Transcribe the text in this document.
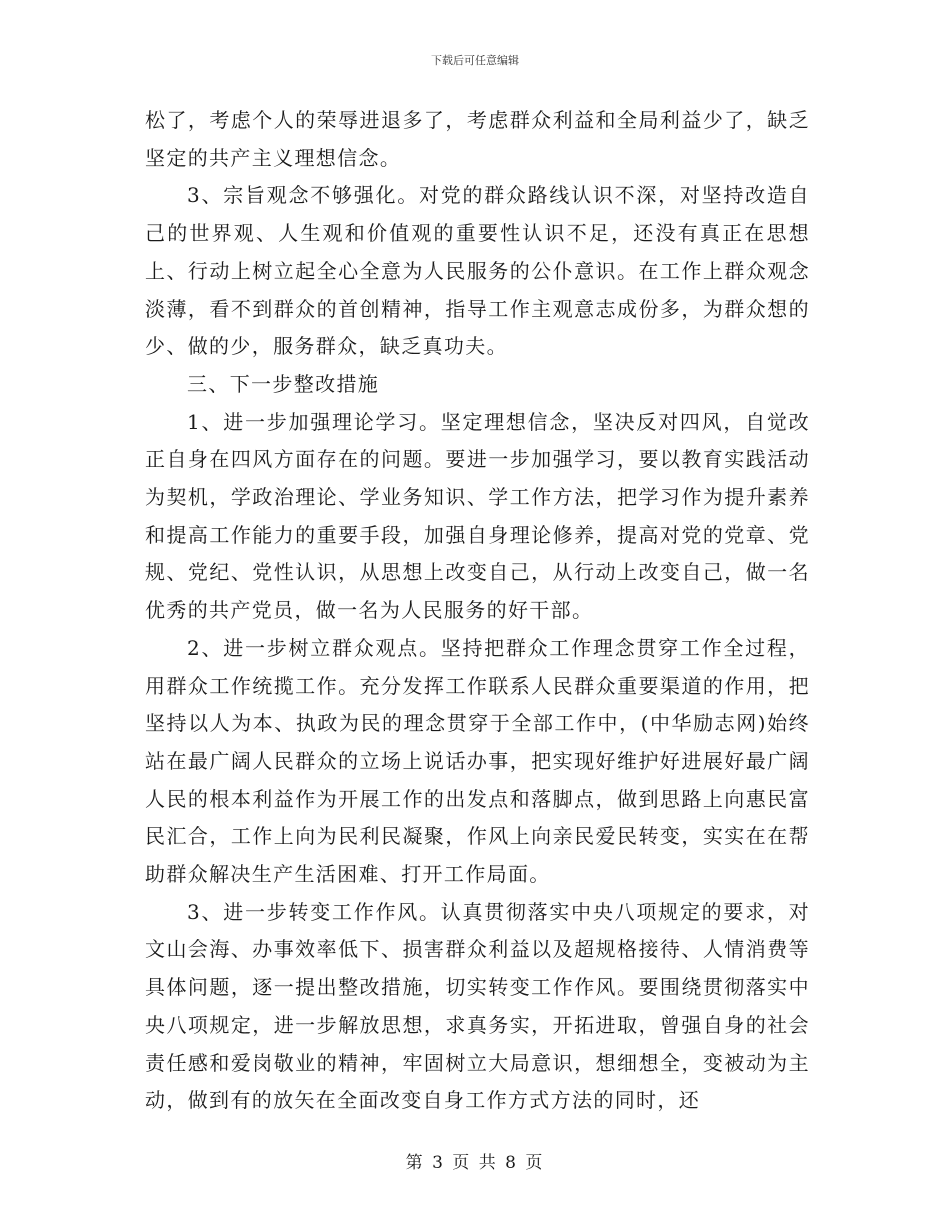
下载后可任意编辑

松了，考虑个人的荣辱进退多了，考虑群众利益和全局利益少了，缺乏坚定的共产主义理想信念。

3、宗旨观念不够强化。对党的群众路线认识不深，对坚持改造自己的世界观、人生观和价值观的重要性认识不足，还没有真正在思想上、行动上树立起全心全意为人民服务的公仆意识。在工作上群众观念淡薄，看不到群众的首创精神，指导工作主观意志成份多，为群众想的少、做的少，服务群众，缺乏真功夫。

三、下一步整改措施

1、进一步加强理论学习。坚定理想信念，坚决反对四风，自觉改正自身在四风方面存在的问题。要进一步加强学习，要以教育实践活动为契机，学政治理论、学业务知识、学工作方法，把学习作为提升素养和提高工作能力的重要手段，加强自身理论修养，提高对党的党章、党规、党纪、党性认识，从思想上改变自己，从行动上改变自己，做一名优秀的共产党员，做一名为人民服务的好干部。

2、进一步树立群众观点。坚持把群众工作理念贯穿工作全过程，用群众工作统揽工作。充分发挥工作联系人民群众重要渠道的作用，把坚持以人为本、执政为民的理念贯穿于全部工作中，(中华励志网)始终站在最广阔人民群众的立场上说话办事，把实现好维护好进展好最广阔人民的根本利益作为开展工作的出发点和落脚点，做到思路上向惠民富民汇合，工作上向为民利民凝聚，作风上向亲民爱民转变，实实在在帮助群众解决生产生活困难、打开工作局面。

3、进一步转变工作作风。认真贯彻落实中央八项规定的要求，对文山会海、办事效率低下、损害群众利益以及超规格接待、人情消费等具体问题，逐一提出整改措施，切实转变工作作风。要围绕贯彻落实中央八项规定，进一步解放思想，求真务实，开拓进取，曾强自身的社会责任感和爱岗敬业的精神，牢固树立大局意识，想细想全，变被动为主动，做到有的放矢在全面改变自身工作方式方法的同时，还

第 3 页 共 8 页
